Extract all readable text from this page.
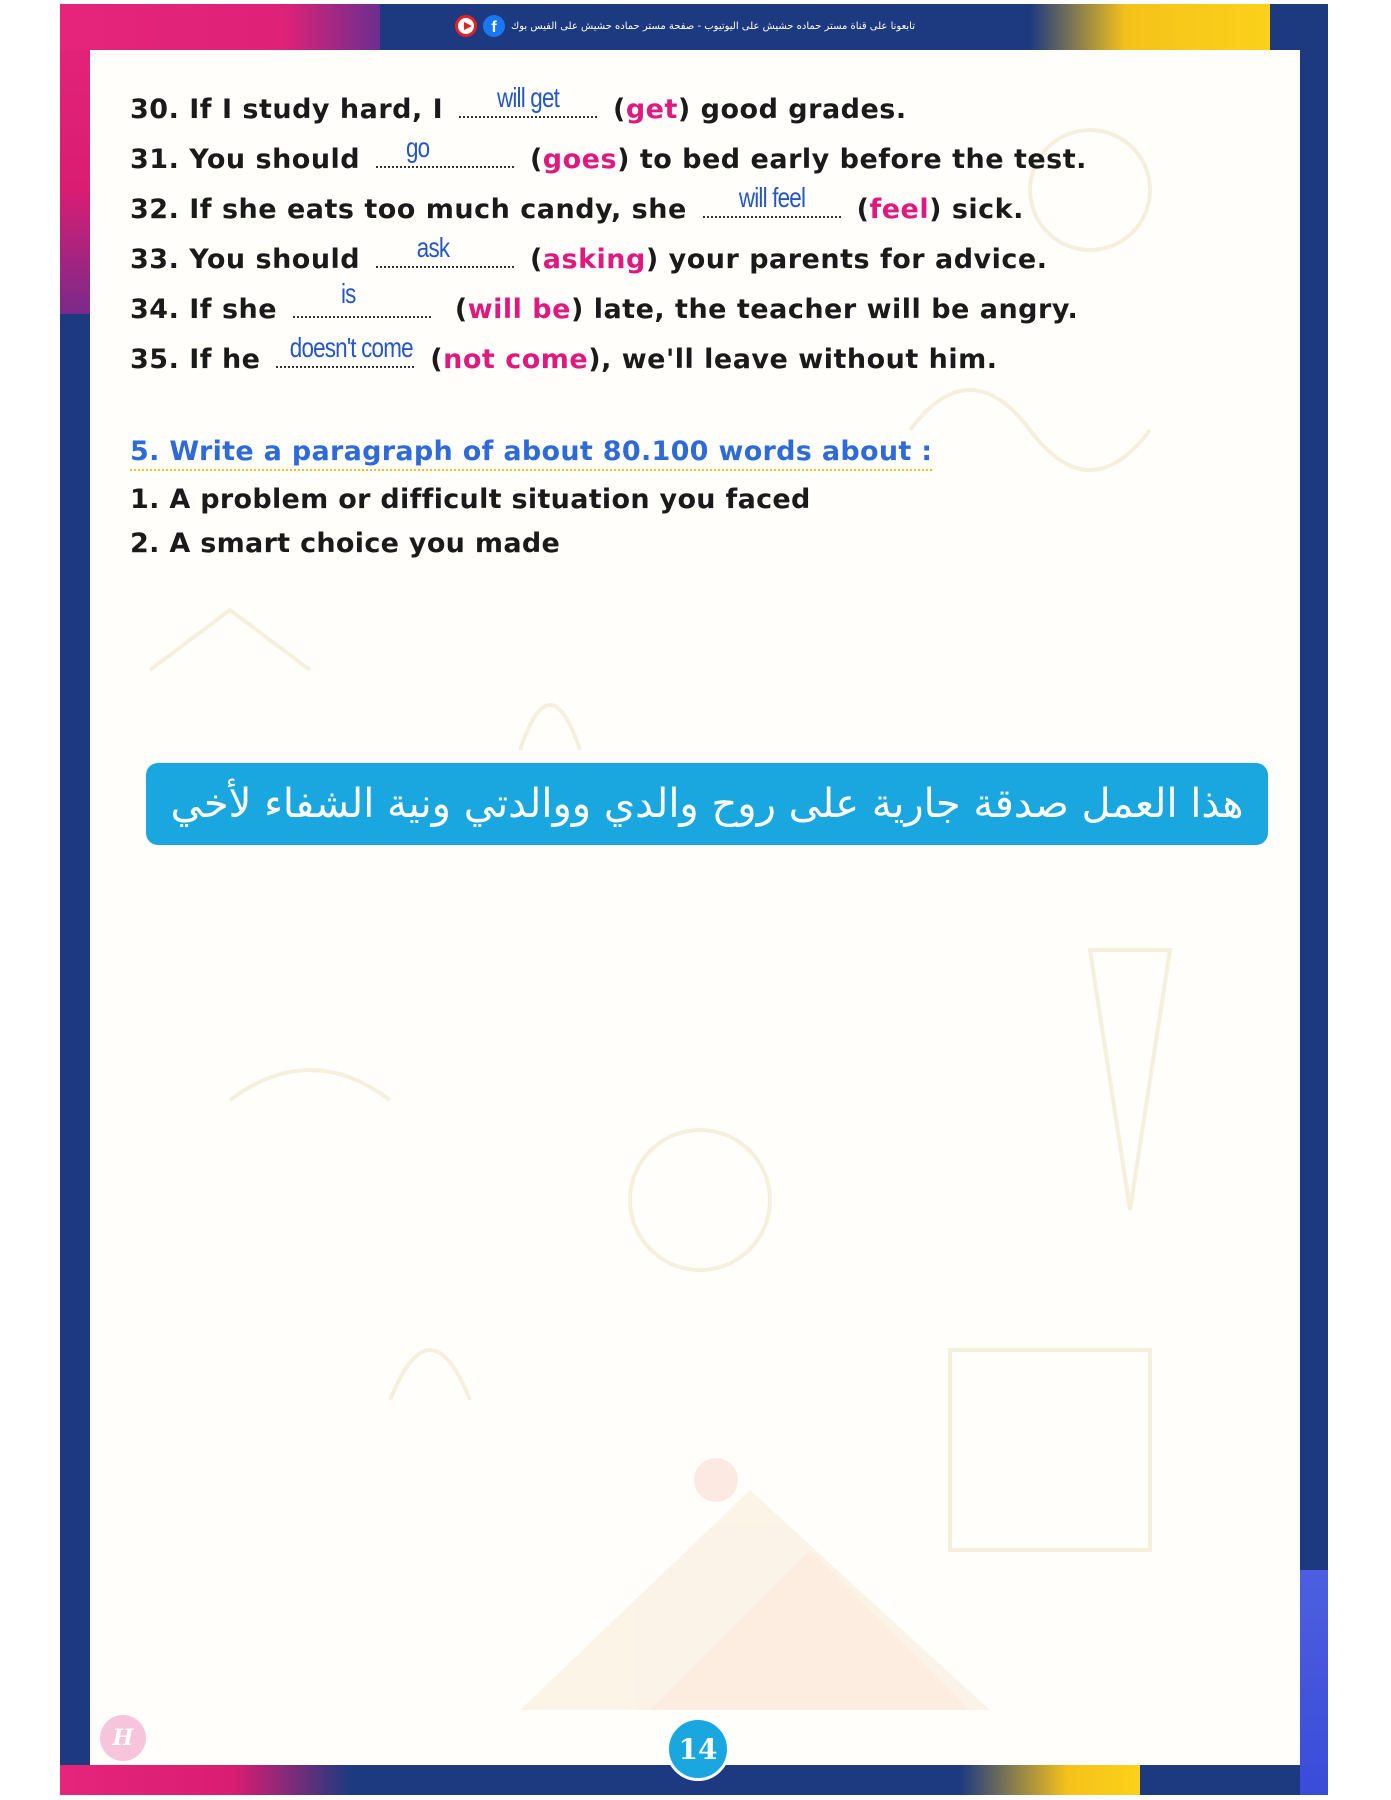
f تابعونا على قناة مستر حماده حشيش على اليوتيوب - صفحة مستر حماده حشيش على الفيس بوك
30. If I study hard, I	will get	(get) good grades.
31. You should go	(goes) to bed early before the test.
32. If she eats too much candy, she	will feel	(feel) sick.
33. You should ask	(asking) your parents for advice.
34. If she
is
(will be) late, the teacher will be angry.
35. If he doesn't come (not come), we'll leave without him.
5. Write a paragraph of about 80.100 words about :
1. A problem or difficult situation you faced
2. A smart choice you made
هذا العمل صدقة جارية على روح والدي ووالدتي ونية الشفاء لأخي
H	14
